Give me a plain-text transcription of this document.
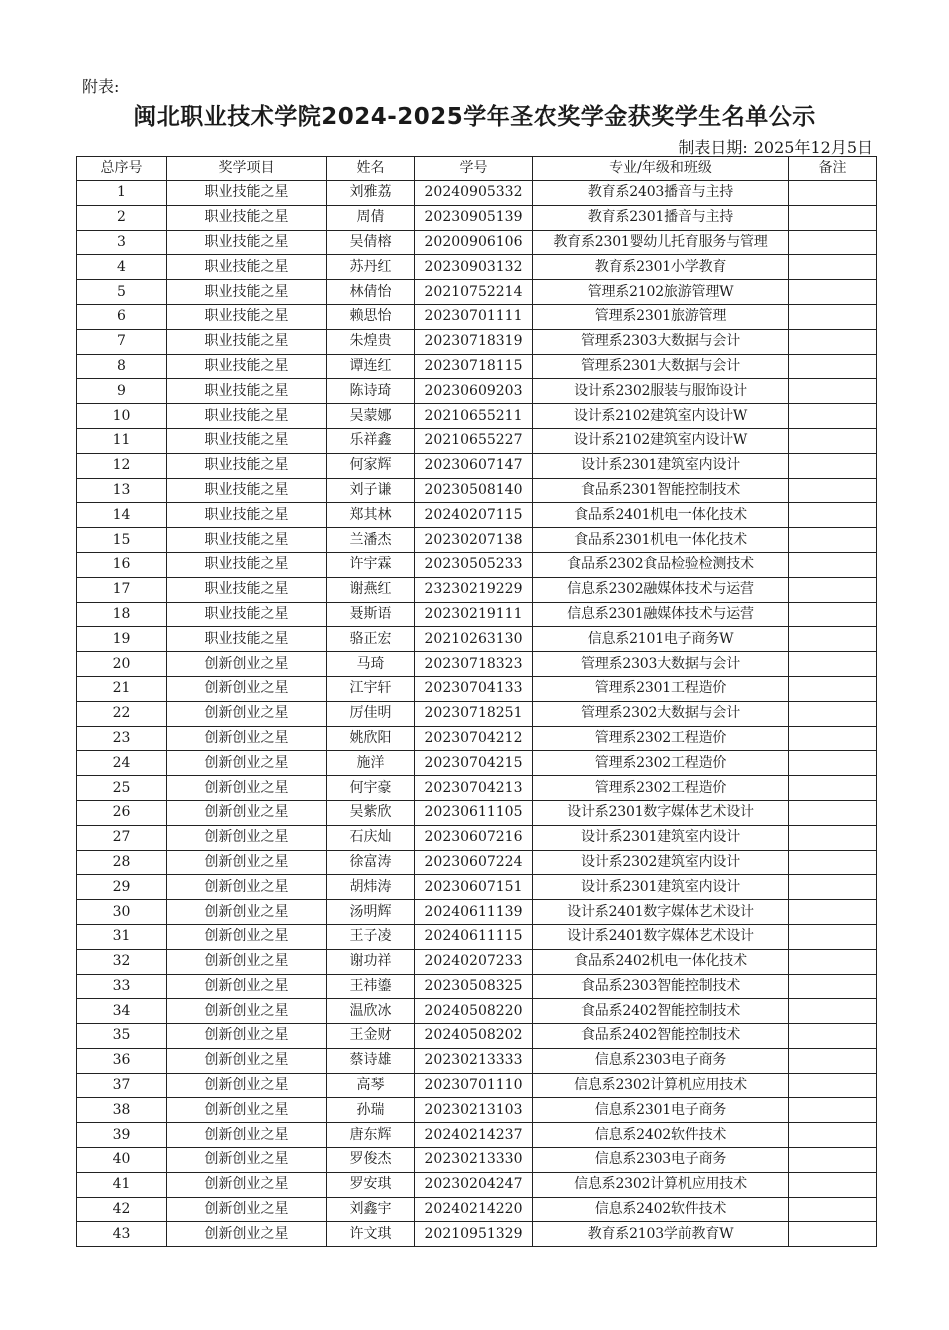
附表:
闽北职业技术学院2024-2025学年圣农奖学金获奖学生名单公示
制表日期: 2025年12月5日
总序号	奖学项目	姓名	学号	专业/年级和班级	备注
1	职业技能之星	刘雅荔	20240905332	教育系2403播音与主持	
2	职业技能之星	周倩	20230905139	教育系2301播音与主持	
3	职业技能之星	吴倩榕	20200906106	教育系2301婴幼儿托育服务与管理	
4	职业技能之星	苏丹红	20230903132	教育系2301小学教育	
5	职业技能之星	林倩怡	20210752214	管理系2102旅游管理W	
6	职业技能之星	赖思怡	20230701111	管理系2301旅游管理	
7	职业技能之星	朱煌贵	20230718319	管理系2303大数据与会计	
8	职业技能之星	谭连红	20230718115	管理系2301大数据与会计	
9	职业技能之星	陈诗琦	20230609203	设计系2302服装与服饰设计	
10	职业技能之星	吴蒙娜	20210655211	设计系2102建筑室内设计W	
11	职业技能之星	乐祥鑫	20210655227	设计系2102建筑室内设计W	
12	职业技能之星	何家辉	20230607147	设计系2301建筑室内设计	
13	职业技能之星	刘子谦	20230508140	食品系2301智能控制技术	
14	职业技能之星	郑其林	20240207115	食品系2401机电一体化技术	
15	职业技能之星	兰潘杰	20230207138	食品系2301机电一体化技术	
16	职业技能之星	许宇霖	20230505233	食品系2302食品检验检测技术	
17	职业技能之星	谢燕红	23230219229	信息系2302融媒体技术与运营	
18	职业技能之星	聂斯语	20230219111	信息系2301融媒体技术与运营	
19	职业技能之星	骆正宏	20210263130	信息系2101电子商务W	
20	创新创业之星	马琦	20230718323	管理系2303大数据与会计	
21	创新创业之星	江宇轩	20230704133	管理系2301工程造价	
22	创新创业之星	厉佳明	20230718251	管理系2302大数据与会计	
23	创新创业之星	姚欣阳	20230704212	管理系2302工程造价	
24	创新创业之星	施洋	20230704215	管理系2302工程造价	
25	创新创业之星	何宇豪	20230704213	管理系2302工程造价	
26	创新创业之星	吴紫欣	20230611105	设计系2301数字媒体艺术设计	
27	创新创业之星	石庆灿	20230607216	设计系2301建筑室内设计	
28	创新创业之星	徐富涛	20230607224	设计系2302建筑室内设计	
29	创新创业之星	胡炜涛	20230607151	设计系2301建筑室内设计	
30	创新创业之星	汤明辉	20240611139	设计系2401数字媒体艺术设计	
31	创新创业之星	王子凌	20240611115	设计系2401数字媒体艺术设计	
32	创新创业之星	谢功祥	20240207233	食品系2402机电一体化技术	
33	创新创业之星	王祎鎏	20230508325	食品系2303智能控制技术	
34	创新创业之星	温欣冰	20240508220	食品系2402智能控制技术	
35	创新创业之星	王金财	20240508202	食品系2402智能控制技术	
36	创新创业之星	蔡诗雄	20230213333	信息系2303电子商务	
37	创新创业之星	高琴	20230701110	信息系2302计算机应用技术	
38	创新创业之星	孙瑞	20230213103	信息系2301电子商务	
39	创新创业之星	唐东辉	20240214237	信息系2402软件技术	
40	创新创业之星	罗俊杰	20230213330	信息系2303电子商务	
41	创新创业之星	罗安琪	20230204247	信息系2302计算机应用技术	
42	创新创业之星	刘鑫宇	20240214220	信息系2402软件技术	
43	创新创业之星	许文琪	20210951329	教育系2103学前教育W	
